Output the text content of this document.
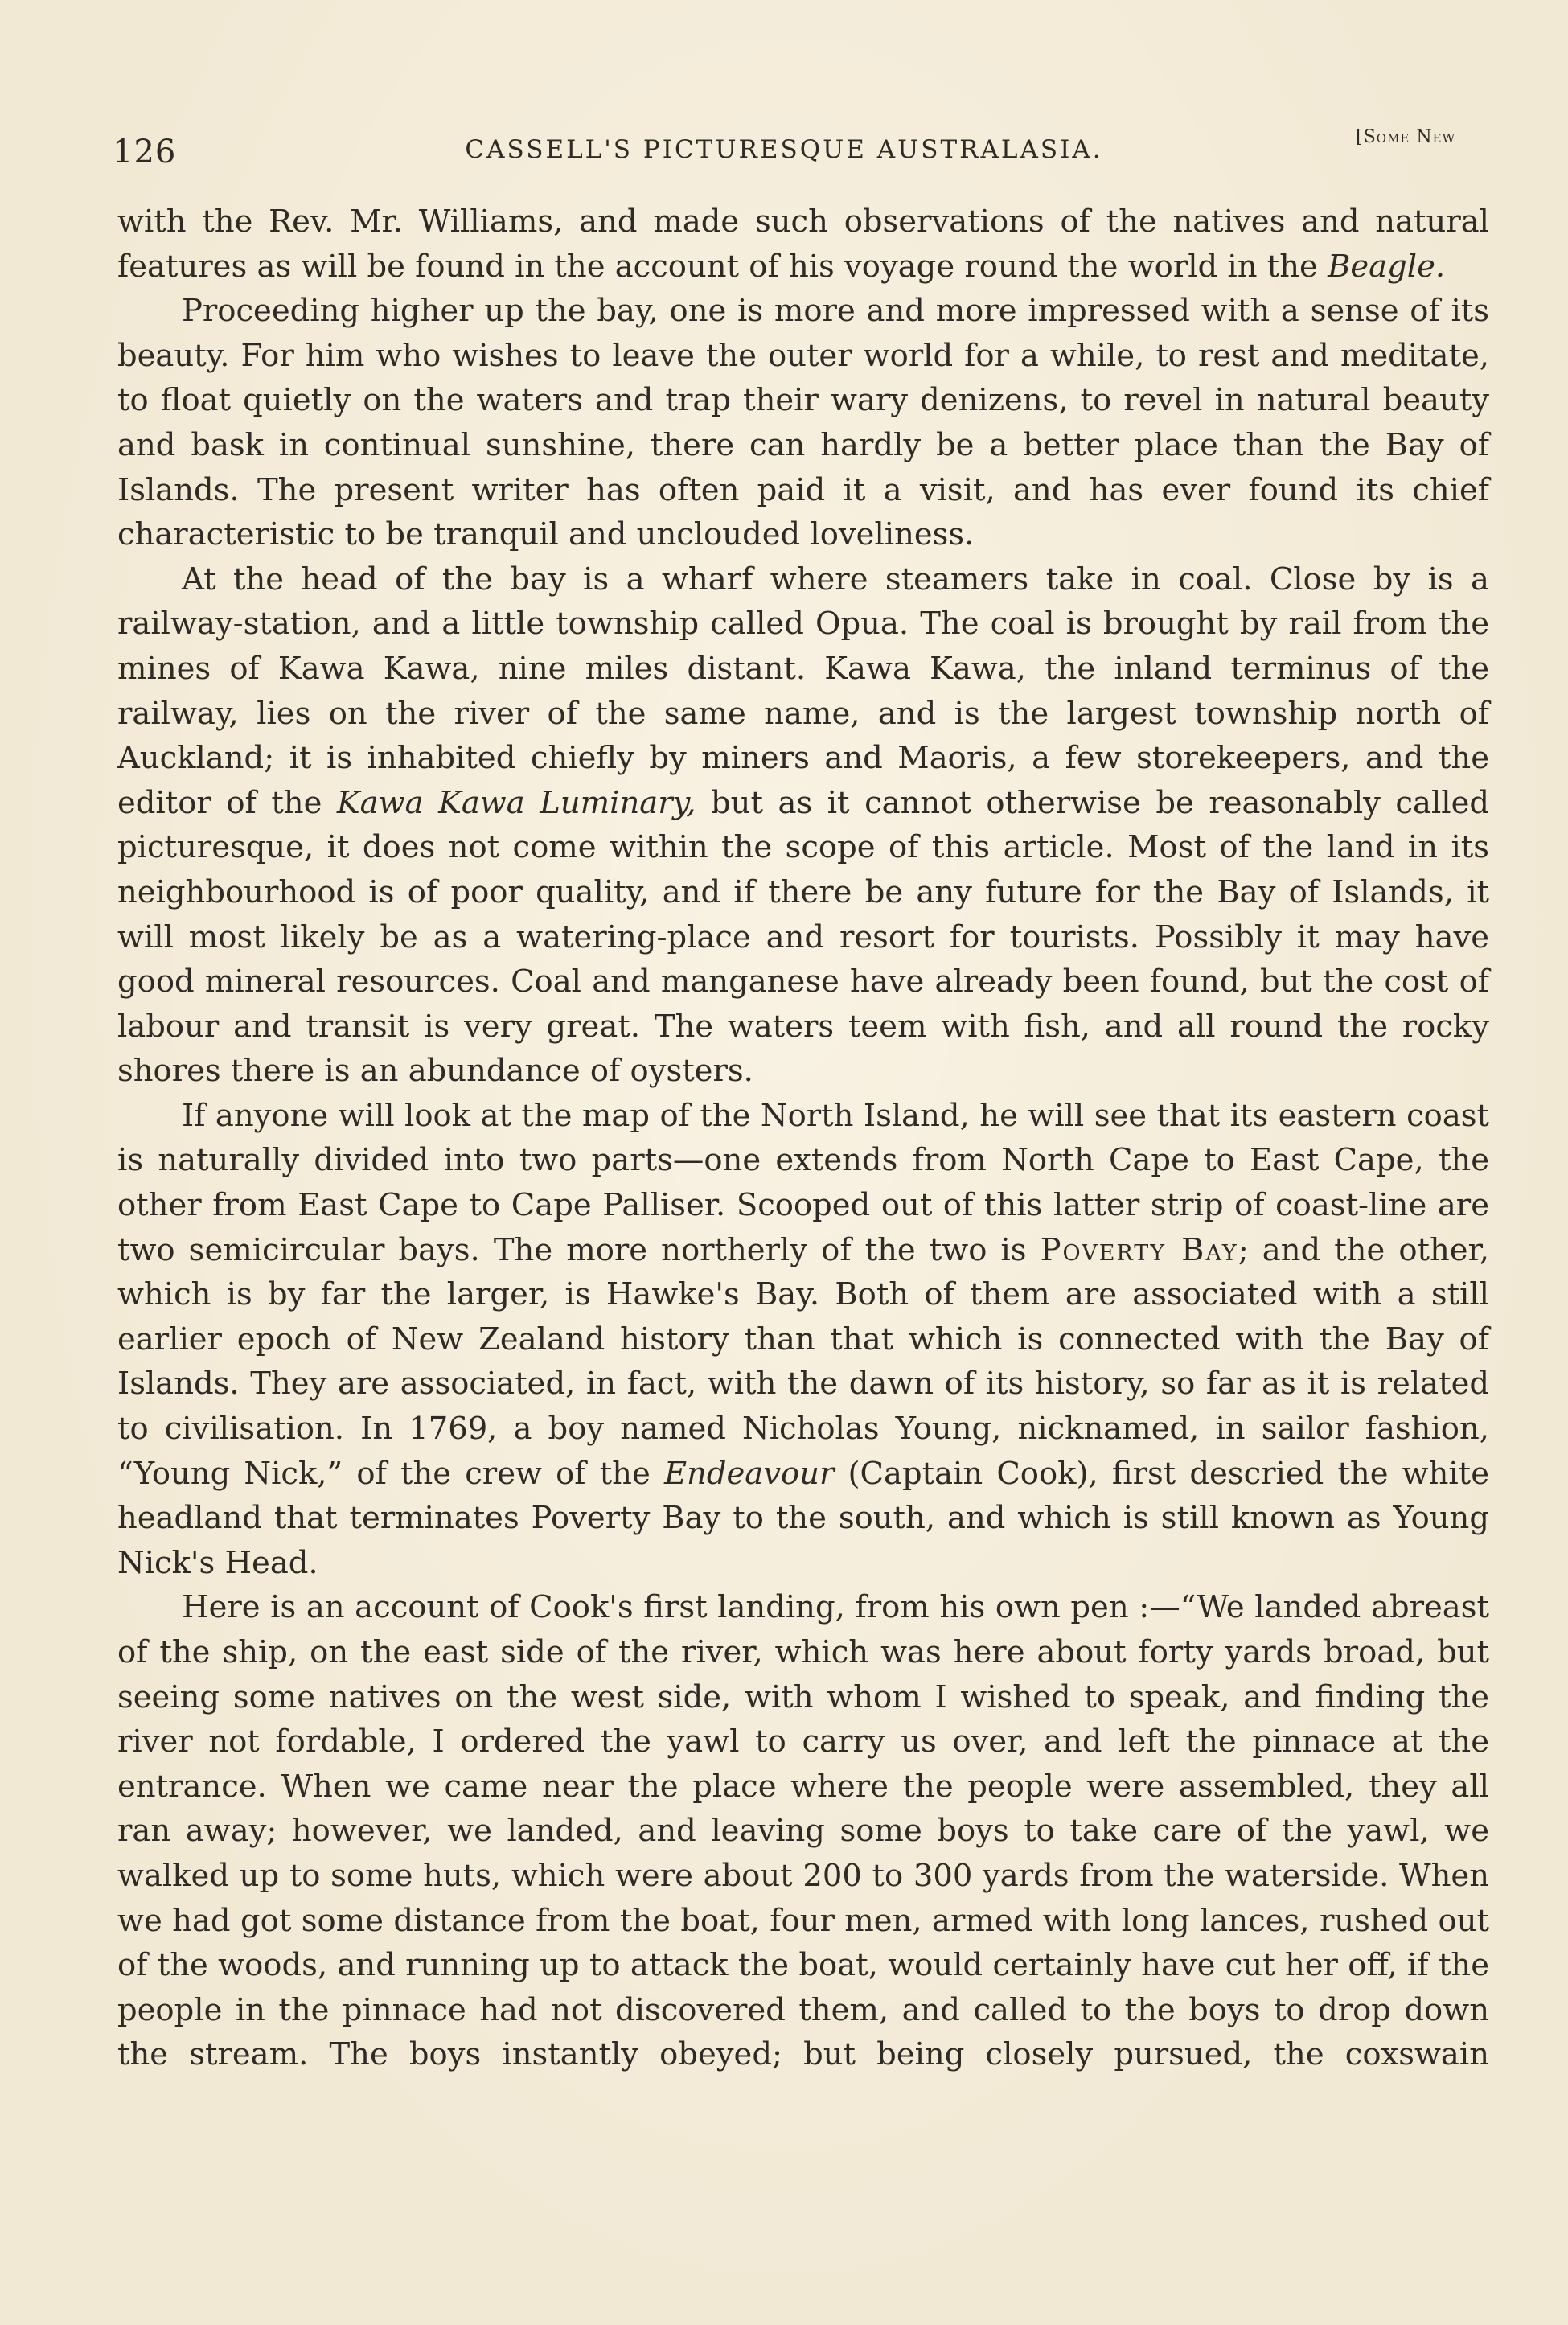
126	CASSELL'S PICTURESQUE AUSTRALASIA.	[Some New

with the Rev. Mr. Williams, and made such observations of the natives and natural features as will be found in the account of his voyage round the world in the Beagle.

Proceeding higher up the bay, one is more and more impressed with a sense of its beauty. For him who wishes to leave the outer world for a while, to rest and meditate, to float quietly on the waters and trap their wary denizens, to revel in natural beauty and bask in continual sunshine, there can hardly be a better place than the Bay of Islands. The present writer has often paid it a visit, and has ever found its chief characteristic to be tranquil and unclouded loveliness.

At the head of the bay is a wharf where steamers take in coal. Close by is a railway-station, and a little township called Opua. The coal is brought by rail from the mines of Kawa Kawa, nine miles distant. Kawa Kawa, the inland terminus of the railway, lies on the river of the same name, and is the largest township north of Auckland; it is inhabited chiefly by miners and Maoris, a few storekeepers, and the editor of the Kawa Kawa Luminary, but as it cannot otherwise be reasonably called picturesque, it does not come within the scope of this article. Most of the land in its neighbourhood is of poor quality, and if there be any future for the Bay of Islands, it will most likely be as a watering-place and resort for tourists. Possibly it may have good mineral resources. Coal and manganese have already been found, but the cost of labour and transit is very great. The waters teem with fish, and all round the rocky shores there is an abundance of oysters.

If anyone will look at the map of the North Island, he will see that its eastern coast is naturally divided into two parts—one extends from North Cape to East Cape, the other from East Cape to Cape Palliser. Scooped out of this latter strip of coast-line are two semicircular bays. The more northerly of the two is Poverty Bay; and the other, which is by far the larger, is Hawke's Bay. Both of them are associated with a still earlier epoch of New Zealand history than that which is connected with the Bay of Islands. They are associated, in fact, with the dawn of its history, so far as it is related to civilisation. In 1769, a boy named Nicholas Young, nicknamed, in sailor fashion, “Young Nick,” of the crew of the Endeavour (Captain Cook), first descried the white headland that terminates Poverty Bay to the south, and which is still known as Young Nick's Head.

Here is an account of Cook's first landing, from his own pen :—“We landed abreast of the ship, on the east side of the river, which was here about forty yards broad, but seeing some natives on the west side, with whom I wished to speak, and finding the river not fordable, I ordered the yawl to carry us over, and left the pinnace at the entrance. When we came near the place where the people were assembled, they all ran away; however, we landed, and leaving some boys to take care of the yawl, we walked up to some huts, which were about 200 to 300 yards from the waterside. When we had got some distance from the boat, four men, armed with long lances, rushed out of the woods, and running up to attack the boat, would certainly have cut her off, if the people in the pinnace had not discovered them, and called to the boys to drop down the stream. The boys instantly obeyed; but being closely pursued, the coxswain
